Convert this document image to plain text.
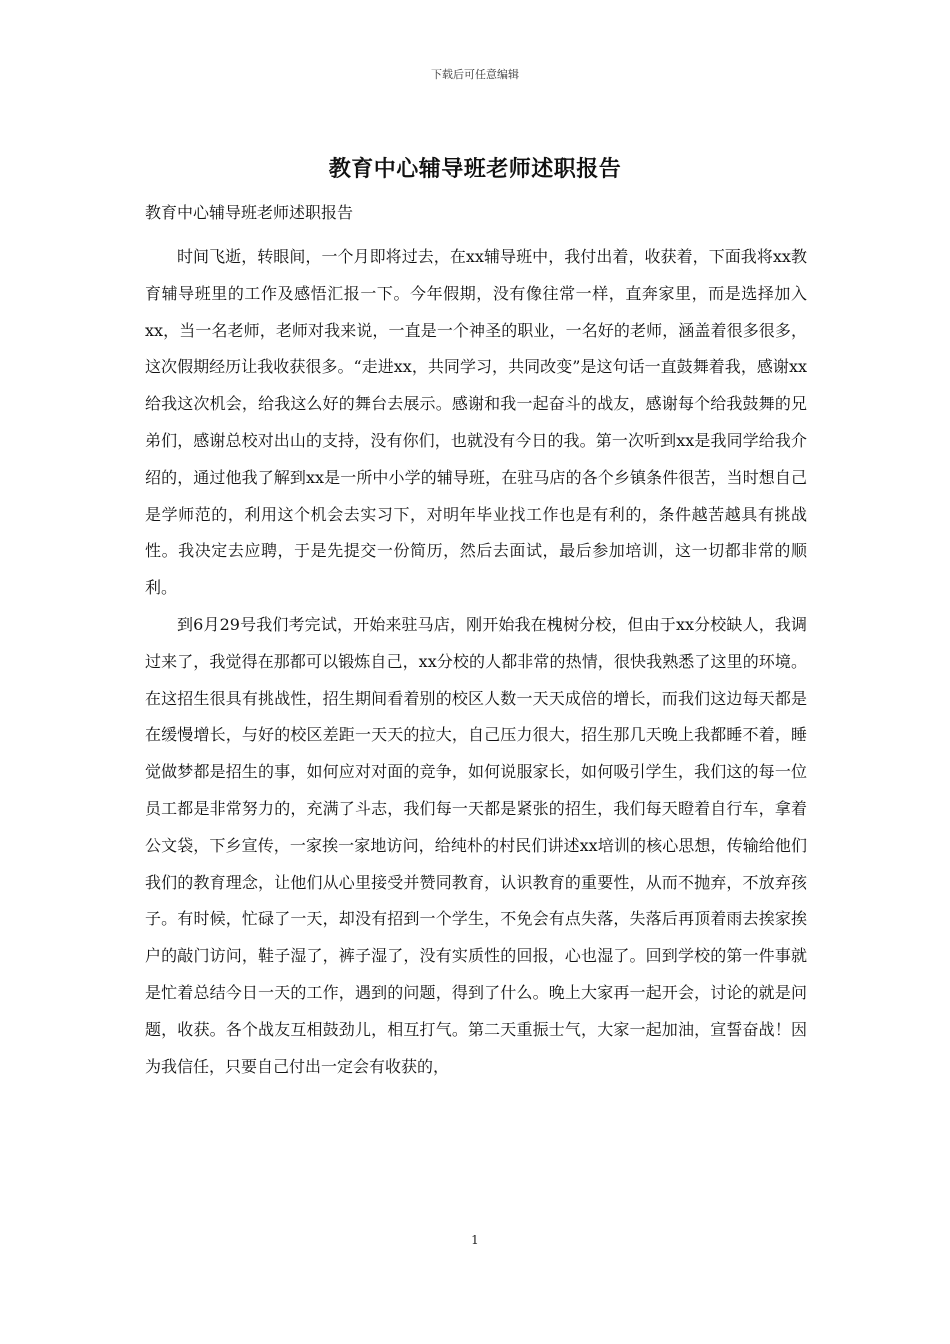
下载后可任意编辑
教育中心辅导班老师述职报告
教育中心辅导班老师述职报告

时间飞逝，转眼间，一个月即将过去，在xx辅导班中，我付出着，收获着，下面我将xx教育辅导班里的工作及感悟汇报一下。今年假期，没有像往常一样，直奔家里，而是选择加入xx，当一名老师，老师对我来说，一直是一个神圣的职业，一名好的老师，涵盖着很多很多，这次假期经历让我收获很多。“走进xx，共同学习，共同改变”是这句话一直鼓舞着我，感谢xx给我这次机会，给我这么好的舞台去展示。感谢和我一起奋斗的战友，感谢每个给我鼓舞的兄弟们，感谢总校对出山的支持，没有你们，也就没有今日的我。第一次听到xx是我同学给我介绍的，通过他我了解到xx是一所中小学的辅导班，在驻马店的各个乡镇条件很苦，当时想自己是学师范的，利用这个机会去实习下，对明年毕业找工作也是有利的，条件越苦越具有挑战性。我决定去应聘，于是先提交一份简历，然后去面试，最后参加培训，这一切都非常的顺利。

到6月29号我们考完试，开始来驻马店，刚开始我在槐树分校，但由于xx分校缺人，我调过来了，我觉得在那都可以锻炼自己，xx分校的人都非常的热情，很快我熟悉了这里的环境。在这招生很具有挑战性，招生期间看着别的校区人数一天天成倍的增长，而我们这边每天都是在缓慢增长，与好的校区差距一天天的拉大，自己压力很大，招生那几天晚上我都睡不着，睡觉做梦都是招生的事，如何应对对面的竞争，如何说服家长，如何吸引学生，我们这的每一位员工都是非常努力的，充满了斗志，我们每一天都是紧张的招生，我们每天瞪着自行车，拿着公文袋，下乡宣传，一家挨一家地访问，给纯朴的村民们讲述xx培训的核心思想，传输给他们我们的教育理念，让他们从心里接受并赞同教育，认识教育的重要性，从而不抛弃，不放弃孩子。有时候，忙碌了一天，却没有招到一个学生，不免会有点失落，失落后再顶着雨去挨家挨户的敲门访问，鞋子湿了，裤子湿了，没有实质性的回报，心也湿了。回到学校的第一件事就是忙着总结今日一天的工作，遇到的问题，得到了什么。晚上大家再一起开会，讨论的就是问题，收获。各个战友互相鼓劲儿，相互打气。第二天重振士气，大家一起加油，宣誓奋战！因为我信任，只要自己付出一定会有收获的，

1
